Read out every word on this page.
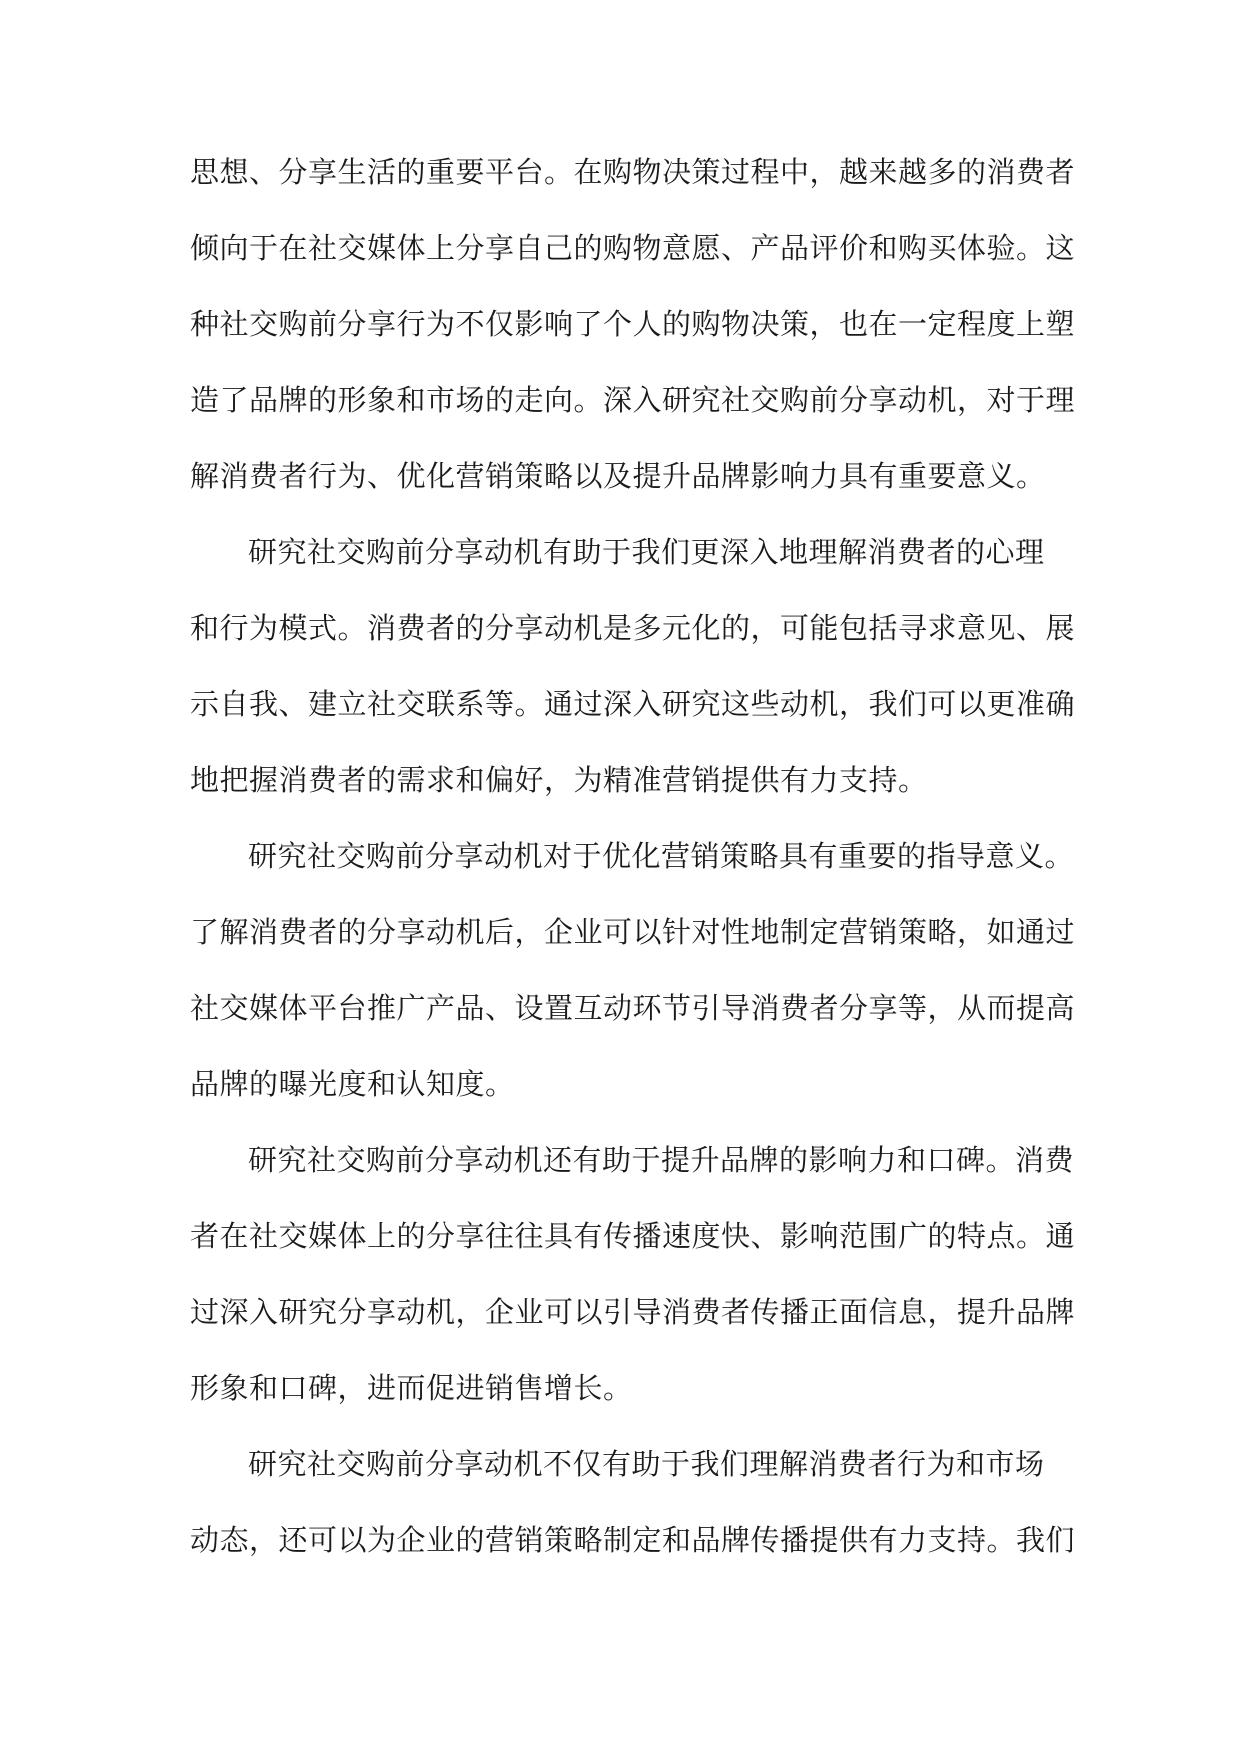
思想、分享生活的重要平台。在购物决策过程中，越来越多的消费者
倾向于在社交媒体上分享自己的购物意愿、产品评价和购买体验。这
种社交购前分享行为不仅影响了个人的购物决策，也在一定程度上塑
造了品牌的形象和市场的走向。深入研究社交购前分享动机，对于理
解消费者行为、优化营销策略以及提升品牌影响力具有重要意义。
研究社交购前分享动机有助于我们更深入地理解消费者的心理
和行为模式。消费者的分享动机是多元化的，可能包括寻求意见、展
示自我、建立社交联系等。通过深入研究这些动机，我们可以更准确
地把握消费者的需求和偏好，为精准营销提供有力支持。
研究社交购前分享动机对于优化营销策略具有重要的指导意义。
了解消费者的分享动机后，企业可以针对性地制定营销策略，如通过
社交媒体平台推广产品、设置互动环节引导消费者分享等，从而提高
品牌的曝光度和认知度。
研究社交购前分享动机还有助于提升品牌的影响力和口碑。消费
者在社交媒体上的分享往往具有传播速度快、影响范围广的特点。通
过深入研究分享动机，企业可以引导消费者传播正面信息，提升品牌
形象和口碑，进而促进销售增长。
研究社交购前分享动机不仅有助于我们理解消费者行为和市场
动态，还可以为企业的营销策略制定和品牌传播提供有力支持。我们
